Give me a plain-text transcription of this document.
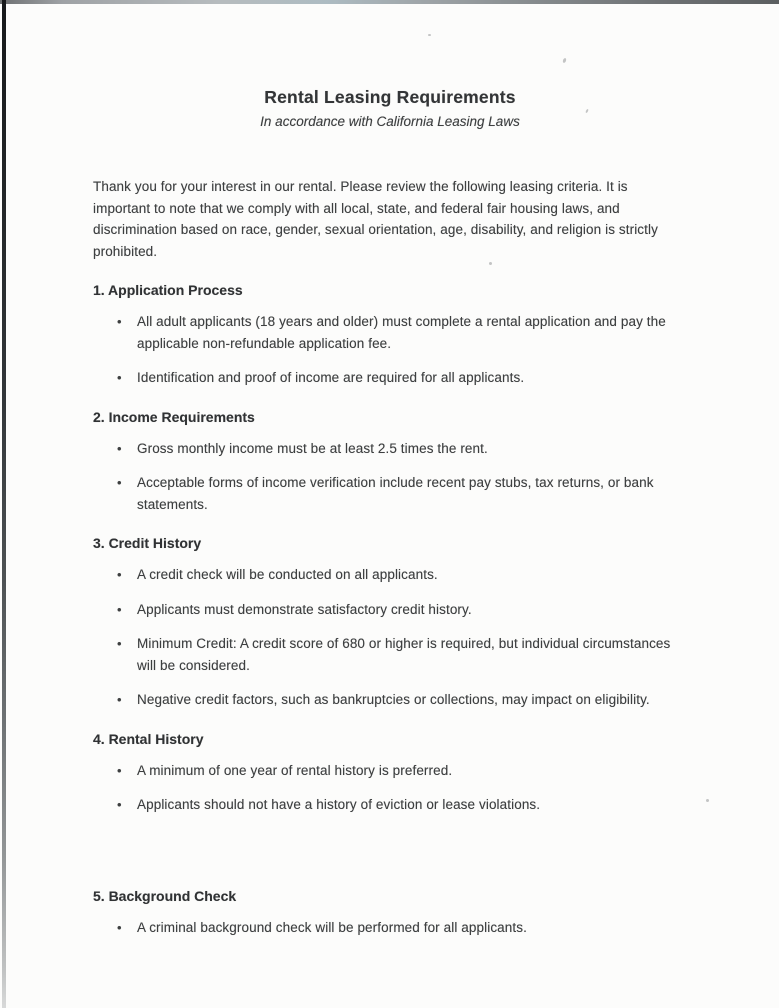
Rental Leasing Requirements

In accordance with California Leasing Laws

Thank you for your interest in our rental. Please review the following leasing criteria. It is important to note that we comply with all local, state, and federal fair housing laws, and discrimination based on race, gender, sexual orientation, age, disability, and religion is strictly prohibited.

1. Application Process
•	All adult applicants (18 years and older) must complete a rental application and pay the applicable non-refundable application fee.
•	Identification and proof of income are required for all applicants.
2. Income Requirements
•	Gross monthly income must be at least 2.5 times the rent.
•	Acceptable forms of income verification include recent pay stubs, tax returns, or bank statements.
3. Credit History
•	A credit check will be conducted on all applicants.
•	Applicants must demonstrate satisfactory credit history.
•	Minimum Credit: A credit score of 680 or higher is required, but individual circumstances will be considered.
•	Negative credit factors, such as bankruptcies or collections, may impact on eligibility.
4. Rental History
•	A minimum of one year of rental history is preferred.
•	Applicants should not have a history of eviction or lease violations.
5. Background Check
•	A criminal background check will be performed for all applicants.
